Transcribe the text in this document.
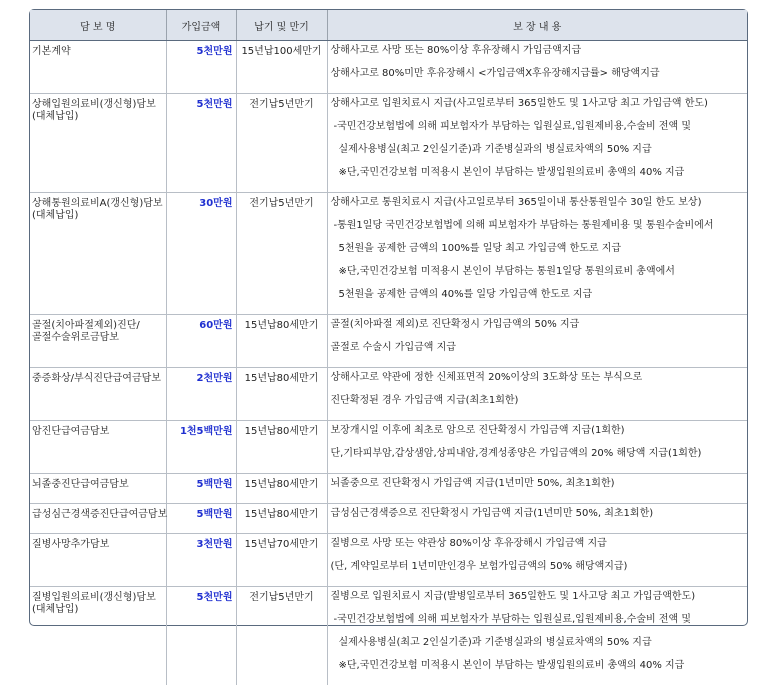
담 보 명	가입금액	납기 및 만기	보 장 내 용
기본계약	5천만원	15년납100세만기	상해사고로 사망 또는 80%이상 후유장해시 가입금액지급
상해사고로 80%미만 후유장해시 <가입금액X후유장해지급률> 해당액지급

상해입원의료비(갱신형)담보(대체납입)	5천만원	전기납5년만기	상해사고로 입원치료시 지급(사고일로부터 365일한도 및 1사고당 최고 가입금액 한도)
-국민건강보험법에 의해 피보험자가 부담하는 입원실료,입원제비용,수술비 전액 및
실제사용병실(최고 2인실기준)과 기준병실과의 병실료차액의 50% 지급
※단,국민건강보험 미적용시 본인이 부담하는 발생입원의료비 총액의 40% 지급

상해통원의료비A(갱신형)담보(대체납입)	30만원	전기납5년만기	상해사고로 통원치료시 지급(사고일로부터 365일이내 통산통원일수 30일 한도 보상)
-통원1일당 국민건강보험법에 의해 피보험자가 부담하는 통원제비용 및 통원수술비에서
5천원을 공제한 금액의 100%를 일당 최고 가입금액 한도로 지급
※단,국민건강보험 미적용시 본인이 부담하는 통원1일당 통원의료비 총액에서
5천원을 공제한 금액의 40%를 일당 가입금액 한도로 지급

골절(치아파절제외)진단/골절수술위로금담보	60만원	15년납80세만기	골절(치아파절 제외)로 진단확정시 가입금액의 50% 지급
골절로 수술시 가입금액 지급

중증화상/부식진단급여금담보	2천만원	15년납80세만기	상해사고로 약관에 정한 신체표면적 20%이상의 3도화상 또는 부식으로
진단확정된 경우 가입금액 지급(최초1회한)

암진단급여금담보	1천5백만원	15년납80세만기	보장개시일 이후에 최초로 암으로 진단확정시 가입금액 지급(1회한)
단,기타피부암,갑상샘암,상피내암,경계성종양은 가입금액의 20% 해당액 지급(1회한)

뇌졸중진단급여금담보	5백만원	15년납80세만기	뇌졸중으로 진단확정시 가입금액 지급(1년미만 50%, 최초1회한)

급성심근경색증진단급여금담보	5백만원	15년납80세만기	급성심근경색증으로 진단확정시 가입금액 지급(1년미만 50%, 최초1회한)

질병사망추가담보	3천만원	15년납70세만기	질병으로 사망 또는 약관상 80%이상 후유장해시 가입금액 지급
(단, 계약일로부터 1년미만인경우 보험가입금액의 50% 해당액지급)

질병입원의료비(갱신형)담보(대체납입)	5천만원	전기납5년만기	질병으로 입원치료시 지급(발병일로부터 365일한도 및 1사고당 최고 가입금액한도)
-국민건강보험법에 의해 피보험자가 부담하는 입원실료,입원제비용,수술비 전액 및
실제사용병실(최고 2인실기준)과 기준병실과의 병실료차액의 50% 지급
※단,국민건강보험 미적용시 본인이 부담하는 발생입원의료비 총액의 40% 지급
